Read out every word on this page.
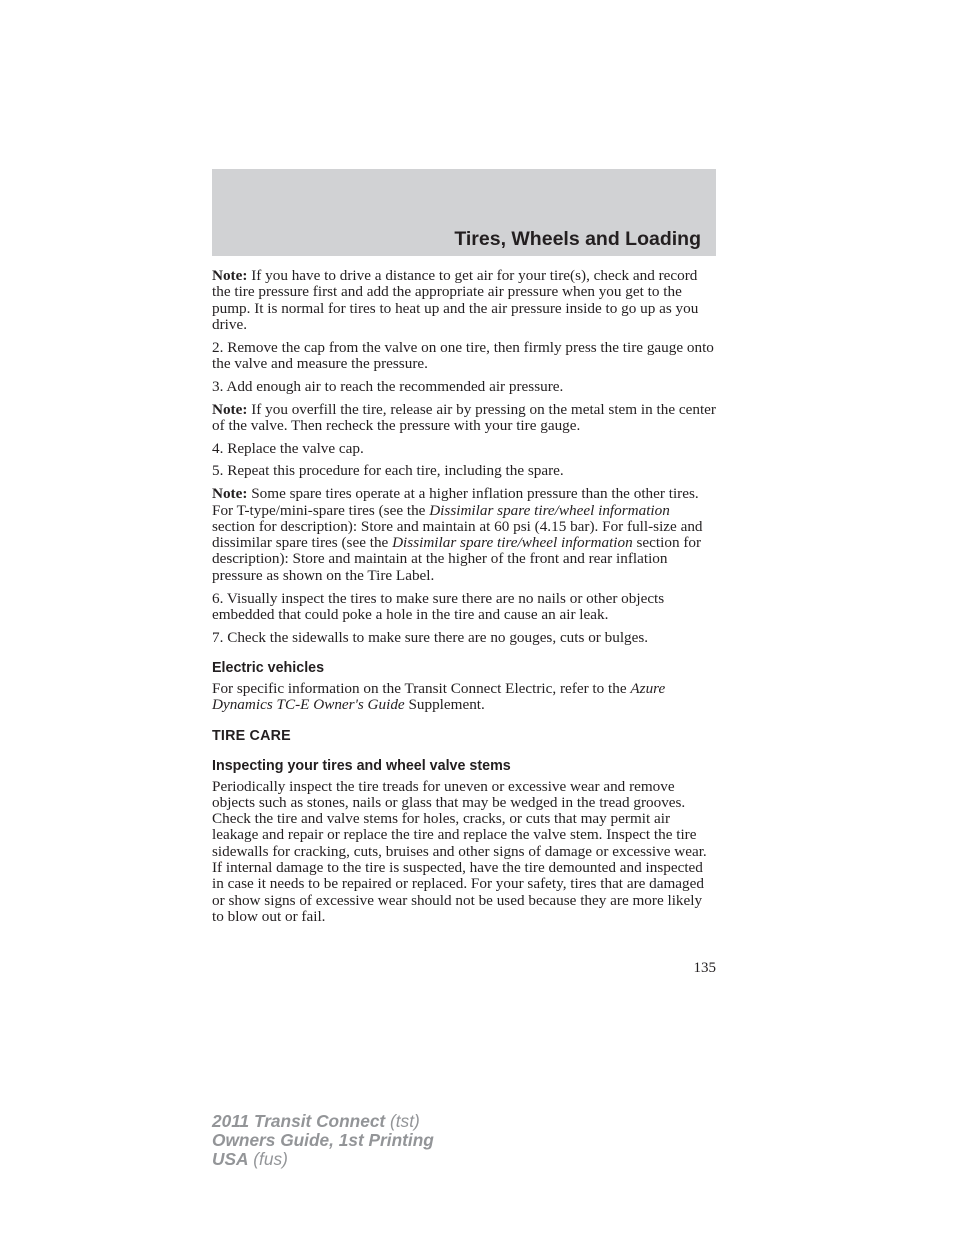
Tires, Wheels and Loading

Note: If you have to drive a distance to get air for your tire(s), check and record the tire pressure first and add the appropriate air pressure when you get to the pump. It is normal for tires to heat up and the air pressure inside to go up as you drive.

2. Remove the cap from the valve on one tire, then firmly press the tire gauge onto the valve and measure the pressure.

3. Add enough air to reach the recommended air pressure.

Note: If you overfill the tire, release air by pressing on the metal stem in the center of the valve. Then recheck the pressure with your tire gauge.

4. Replace the valve cap.

5. Repeat this procedure for each tire, including the spare.

Note: Some spare tires operate at a higher inflation pressure than the other tires. For T-type/mini-spare tires (see the Dissimilar spare tire/wheel information section for description): Store and maintain at 60 psi (4.15 bar). For full-size and dissimilar spare tires (see the Dissimilar spare tire/wheel information section for description): Store and maintain at the higher of the front and rear inflation pressure as shown on the Tire Label.

6. Visually inspect the tires to make sure there are no nails or other objects embedded that could poke a hole in the tire and cause an air leak.

7. Check the sidewalls to make sure there are no gouges, cuts or bulges.

Electric vehicles

For specific information on the Transit Connect Electric, refer to the Azure Dynamics TC-E Owner's Guide Supplement.

TIRE CARE
Inspecting your tires and wheel valve stems

Periodically inspect the tire treads for uneven or excessive wear and remove objects such as stones, nails or glass that may be wedged in the tread grooves. Check the tire and valve stems for holes, cracks, or cuts that may permit air leakage and repair or replace the tire and replace the valve stem. Inspect the tire sidewalls for cracking, cuts, bruises and other signs of damage or excessive wear. If internal damage to the tire is suspected, have the tire demounted and inspected in case it needs to be repaired or replaced. For your safety, tires that are damaged or show signs of excessive wear should not be used because they are more likely to blow out or fail.

135
2011 Transit Connect (tst)
Owners Guide, 1st Printing
USA (fus)
